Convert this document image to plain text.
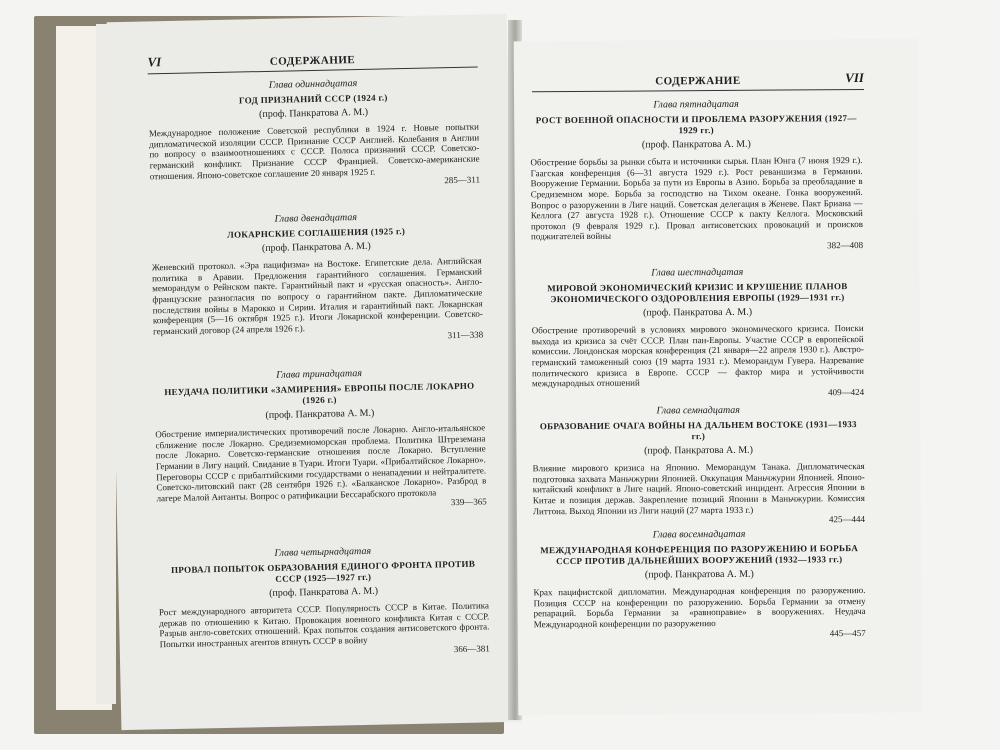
VI	СОДЕРЖАНИЕ
Глава одиннадцатая
ГОД ПРИЗНАНИЙ СССР (1924 г.)
(проф. Панкратова А. М.)
Международное положение Советской республики в 1924 г. Новые попытки дипломатической изоляции СССР. Признание СССР Англией. Колебания в Англии по вопросу о взаимоотношениях с СССР. Полоса признаний СССР. Советско-германский конфликт. Признание СССР Францией. Советско-американские отношения. Японо-советское соглашение 20 января 1925 г.	285—311
Глава двенадцатая
ЛОКАРНСКИЕ СОГЛАШЕНИЯ (1925 г.)
(проф. Панкратова А. М.)
Женевский протокол. «Эра пацифизма» на Востоке. Египетские дела. Английская политика в Аравии. Предложения гарантийного соглашения. Германский меморандум о Рейнском пакте. Гарантийный пакт и «русская опасность». Англо-французские разногласия по вопросу о гарантийном пакте. Дипломатические последствия войны в Марокко и Сирии. Италия и гарантийный пакт. Локарнская конференция (5—16 октября 1925 г.). Итоги Локарнской конференции. Советско-германский договор (24 апреля 1926 г.).	311—338
Глава тринадцатая
НЕУДАЧА ПОЛИТИКИ «ЗАМИРЕНИЯ» ЕВРОПЫ ПОСЛЕ ЛОКАРНО (1926 г.)
(проф. Панкратова А. М.)
Обострение империалистических противоречий после Локарно. Англо-итальянское сближение после Локарно. Средиземноморская проблема. Политика Штреземана после Локарно. Советско-германские отношения после Локарно. Вступление Германии в Лигу наций. Свидание в Туари. Итоги Туари. «Прибалтийское Локарно». Переговоры СССР с прибалтийскими государствами о ненападении и нейтралитете. Советско-литовский пакт (28 сентября 1926 г.). «Балканское Локарно». Разброд в лагере Малой Антанты. Вопрос о ратификации Бессарабского протокола	339—365
Глава четырнадцатая
ПРОВАЛ ПОПЫТОК ОБРАЗОВАНИЯ ЕДИНОГО ФРОНТА ПРОТИВ СССР (1925—1927 гг.)
(проф. Панкратова А. М.)
Рост международного авторитета СССР. Популярность СССР в Китае. Политика держав по отношению к Китаю. Провокация военного конфликта Китая с СССР. Разрыв англо-советских отношений. Крах попыток создания антисоветского фронта. Попытки иностранных агентов втянуть СССР в войну	366—381
СОДЕРЖАНИЕ	VII
Глава пятнадцатая
РОСТ ВОЕННОЙ ОПАСНОСТИ И ПРОБЛЕМА РАЗОРУЖЕНИЯ (1927—1929 гг.)
(проф. Панкратова А. М.)
Обострение борьбы за рынки сбыта и источники сырья. План Юнга (7 июня 1929 г.). Гаагская конференция (6—31 августа 1929 г.). Рост реваншизма в Германии. Вооружение Германии. Борьба за пути из Европы в Азию. Борьба за преобладание в Средиземном море. Борьба за господство на Тихом океане. Гонка вооружений. Вопрос о разоружении в Лиге наций. Советская делегация в Женеве. Пакт Бриана — Келлога (27 августа 1928 г.). Отношение СССР к пакту Келлога. Московский протокол (9 февраля 1929 г.). Провал антисоветских провокаций и происков поджигателей войны
382—408
Глава шестнадцатая
МИРОВОЙ ЭКОНОМИЧЕСКИЙ КРИЗИС И КРУШЕНИЕ ПЛАНОВ ЭКОНОМИЧЕСКОГО ОЗДОРОВЛЕНИЯ ЕВРОПЫ (1929—1931 гг.)
(проф. Панкратова А. М.)
Обострение противоречий в условиях мирового экономического кризиса. Поиски выхода из кризиса за счёт СССР. План пан-Европы. Участие СССР в европейской комиссии. Лондонская морская конференция (21 января—22 апреля 1930 г.). Австро-германский таможенный союз (19 марта 1931 г.). Меморандум Гувера. Назревание политического кризиса в Европе. СССР — фактор мира и устойчивости международных отношений
409—424
Глава семнадцатая
ОБРАЗОВАНИЕ ОЧАГА ВОЙНЫ НА ДАЛЬНЕМ ВОСТОКЕ (1931—1933 гг.)
(проф. Панкратова А. М.)
Влияние мирового кризиса на Японию. Меморандум Танака. Дипломатическая подготовка захвата Маньчжурии Японией. Оккупация Маньчжурии Японией. Японо-китайский конфликт в Лиге наций. Японо-советский инцидент. Агрессия Японии в Китае и позиция держав. Закрепление позиций Японии в Маньчжурии. Комиссия Литтона. Выход Японии из Лиги наций (27 марта 1933 г.)
425—444
Глава восемнадцатая
МЕЖДУНАРОДНАЯ КОНФЕРЕНЦИЯ ПО РАЗОРУЖЕНИЮ И БОРЬБА СССР ПРОТИВ ДАЛЬНЕЙШИХ ВООРУЖЕНИЙ (1932—1933 гг.)
(проф. Панкратова А. М.)
Крах пацифистской дипломатии. Международная конференция по разоружению. Позиция СССР на конференции по разоружению. Борьба Германии за отмену репараций. Борьба Германии за «равноправие» в вооружениях. Неудача Международной конференции по разоружению
445—457
